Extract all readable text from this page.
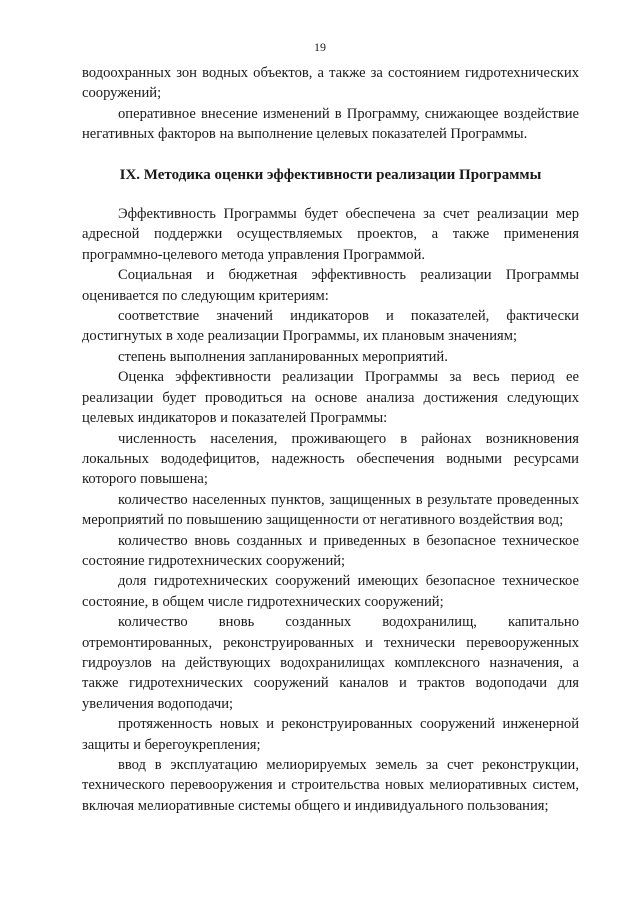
19

водоохранных зон водных объектов, а также за состоянием гидротехнических сооружений;

оперативное внесение изменений в Программу, снижающее воздействие негативных факторов на выполнение целевых показателей Программы.

IX. Методика оценки эффективности реализации Программы

Эффективность Программы будет обеспечена за счет реализации мер адресной поддержки осуществляемых проектов, а также применения программно-целевого метода управления Программой.

Социальная и бюджетная эффективность реализации Программы оценивается по следующим критериям:

соответствие значений индикаторов и показателей, фактически достигнутых в ходе реализации Программы, их плановым значениям;

степень выполнения запланированных мероприятий.

Оценка эффективности реализации Программы за весь период ее реализации будет проводиться на основе анализа достижения следующих целевых индикаторов и показателей Программы:

численность населения, проживающего в районах возникновения локальных вододефицитов, надежность обеспечения водными ресурсами которого повышена;

количество населенных пунктов, защищенных в результате проведенных мероприятий по повышению защищенности от негативного воздействия вод;

количество вновь созданных и приведенных в безопасное техническое состояние гидротехнических сооружений;

доля гидротехнических сооружений имеющих безопасное техническое состояние, в общем числе гидротехнических сооружений;

количество вновь созданных водохранилищ, капитально отремонтированных, реконструированных и технически перевооруженных гидроузлов на действующих водохранилищах комплексного назначения, а также гидротехнических сооружений каналов и трактов водоподачи для увеличения водоподачи;

протяженность новых и реконструированных сооружений инженерной защиты и берегоукрепления;

ввод в эксплуатацию мелиорируемых земель за счет реконструкции, технического перевооружения и строительства новых мелиоративных систем, включая мелиоративные системы общего и индивидуального пользования;
